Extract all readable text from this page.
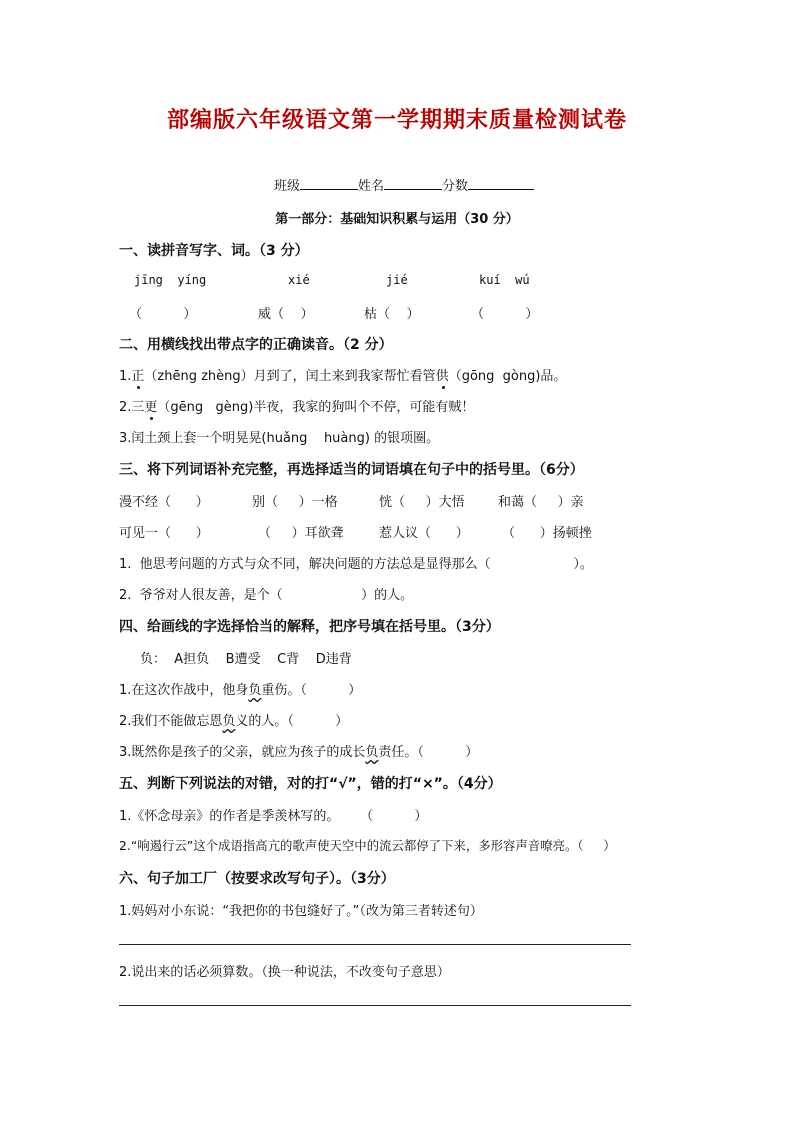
部编版六年级语文第一学期期末质量检测试卷
班级	姓名	分数
第一部分：基础知识积累与运用（30 分）
一、读拼音写字、词。（3 分）
jīng  yíng	xié	jié	kuí  wú
（          ）	威（    ）	枯（    ）	（          ）
二、用横线找出带点字的正确读音。（2 分）
1.正（zhēng zhèng）月到了，闰土来到我家帮忙看管供（gōng  gòng)品。
2.三更（gēng   gèng)半夜，我家的狗叫个不停，可能有贼！
3.闰土颈上套一个明晃晃(huǎng    huàng) 的银项圈。
三、将下列词语补充完整，再选择适当的词语填在句子中的括号里。（6分）
漫不经（      ）	别（     ）一格	恍（     ）大悟	和蔼（     ）亲
可见一（      ）	（     ）耳欲聋	惹人议（      ）	（      ）扬顿挫
1.  他思考问题的方式与众不同，解决问题的方法总是显得那么（                    ）。
2.  爷爷对人很友善，是个（                   ）的人。
四、给画线的字选择恰当的解释，把序号填在括号里。（3分）
负：  A担负    B遭受    C背    D违背
1.在这次作战中，他身负重伤。（          ）
2.我们不能做忘恩负义的人。（          ）
3.既然你是孩子的父亲，就应为孩子的成长负责任。（          ）
五、判断下列说法的对错，对的打“√”，错的打“×”。（4分）
1.《怀念母亲》的作者是季羡林写的。     （          ）
2.“响遏行云”这个成语指高亢的歌声使天空中的流云都停了下来，多形容声音嘹亮。（     ）
六、句子加工厂（按要求改写句子）。（3分）
1.妈妈对小东说：“我把你的书包缝好了。”（改为第三者转述句）
2.说出来的话必须算数。（换一种说法，不改变句子意思）
